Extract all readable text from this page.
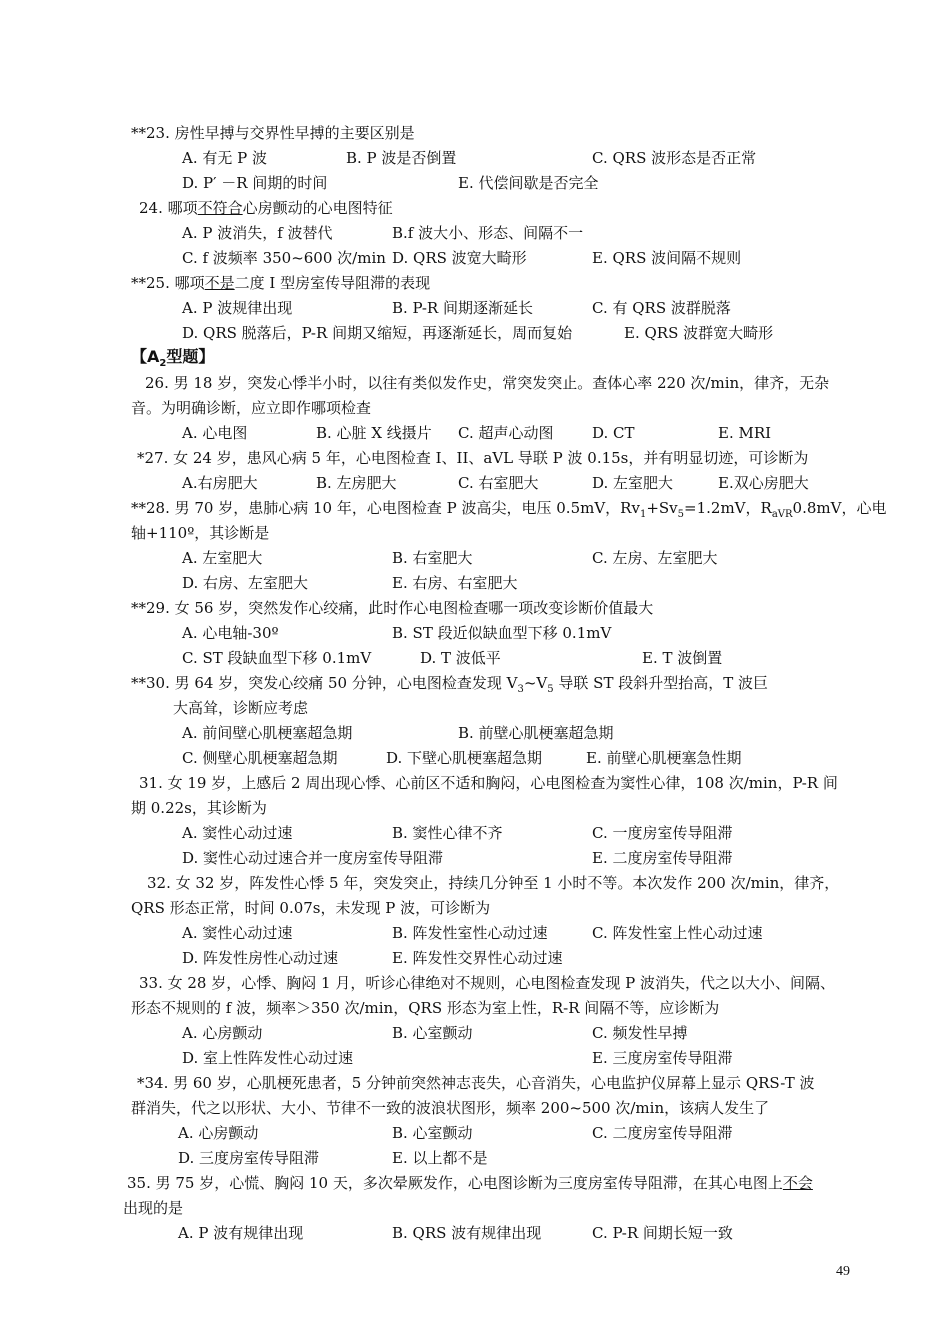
**23. 房性早搏与交界性早搏的主要区别是
A. 有无 P 波	B. P 波是否倒置	C. QRS 波形态是否正常
D. P′ －R 间期的时间	E. 代偿间歇是否完全
24. 哪项不符合心房颤动的心电图特征
A. P 波消失，f 波替代	B.f 波大小、形态、间隔不一
C. f 波频率 350~600 次/min D. QRS 波宽大畸形	E. QRS 波间隔不规则
**25. 哪项不是二度 I 型房室传导阻滞的表现
A. P 波规律出现	B. P-R 间期逐渐延长	C. 有 QRS 波群脱落
D. QRS 脱落后，P-R 间期又缩短，再逐渐延长，周而复始	E. QRS 波群宽大畸形
【$A_2$型题】
26. 男 18 岁，突发心悸半小时，以往有类似发作史，常突发突止。查体心率 220 次/min，律齐，无杂
音。为明确诊断，应立即作哪项检查
A. 心电图	B. 心脏 X 线摄片 C. 超声心动图	D. CT	E. MRI
*27. 女 24 岁，患风心病 5 年，心电图检查 I、II、aVL 导联 P 波 0.15s，并有明显切迹，可诊断为
A.右房肥大	B. 左房肥大	C. 右室肥大	D. 左室肥大	E.双心房肥大
**28. 男 70 岁，患肺心病 10 年，心电图检查 P 波高尖，电压 0.5mV，$Rv_1+Sv_5=1.2mV$，$R_{aVR}0.8mV$，心电
轴+110º，其诊断是
A. 左室肥大	B. 右室肥大	C. 左房、左室肥大
D. 右房、左室肥大	E. 右房、右室肥大
**29. 女 56 岁，突然发作心绞痛，此时作心电图检查哪一项改变诊断价值最大
A. 心电轴-30º	B. ST 段近似缺血型下移 0.1mV
C. ST 段缺血型下移 0.1mV	D. T 波低平	E. T 波倒置
**30. 男 64 岁，突发心绞痛 50 分钟，心电图检查发现 $V_3\sim V_5$ 导联 ST 段斜升型抬高，T 波巨
大高耸，诊断应考虑
A. 前间壁心肌梗塞超急期	B. 前壁心肌梗塞超急期
C. 侧壁心肌梗塞超急期	D. 下壁心肌梗塞超急期	E. 前壁心肌梗塞急性期
31. 女 19 岁，上感后 2 周出现心悸、心前区不适和胸闷，心电图检查为窦性心律，108 次/min，P-R 间
期 0.22s，其诊断为
A. 窦性心动过速	B. 窦性心律不齐	C. 一度房室传导阻滞
D. 窦性心动过速合并一度房室传导阻滞	E. 二度房室传导阻滞
32. 女 32 岁，阵发性心悸 5 年，突发突止，持续几分钟至 1 小时不等。本次发作 200 次/min，律齐，
QRS 形态正常，时间 0.07s，未发现 P 波，可诊断为
A. 窦性心动过速	B. 阵发性室性心动过速	C. 阵发性室上性心动过速
D. 阵发性房性心动过速	E. 阵发性交界性心动过速
33. 女 28 岁，心悸、胸闷 1 月，听诊心律绝对不规则，心电图检查发现 P 波消失，代之以大小、间隔、
形态不规则的 f 波，频率＞350 次/min，QRS 形态为室上性，R-R 间隔不等，应诊断为
A. 心房颤动	B. 心室颤动	C. 频发性早搏
D. 室上性阵发性心动过速	E. 三度房室传导阻滞
*34. 男 60 岁，心肌梗死患者，5 分钟前突然神志丧失，心音消失，心电监护仪屏幕上显示 QRS-T 波
群消失，代之以形状、大小、节律不一致的波浪状图形，频率 200~500 次/min，该病人发生了
A. 心房颤动	B. 心室颤动	C. 二度房室传导阻滞
D. 三度房室传导阻滞	E. 以上都不是
35. 男 75 岁，心慌、胸闷 10 天，多次晕厥发作，心电图诊断为三度房室传导阻滞，在其心电图上不会
出现的是
A. P 波有规律出现	B. QRS 波有规律出现	C. P-R 间期长短一致
49
